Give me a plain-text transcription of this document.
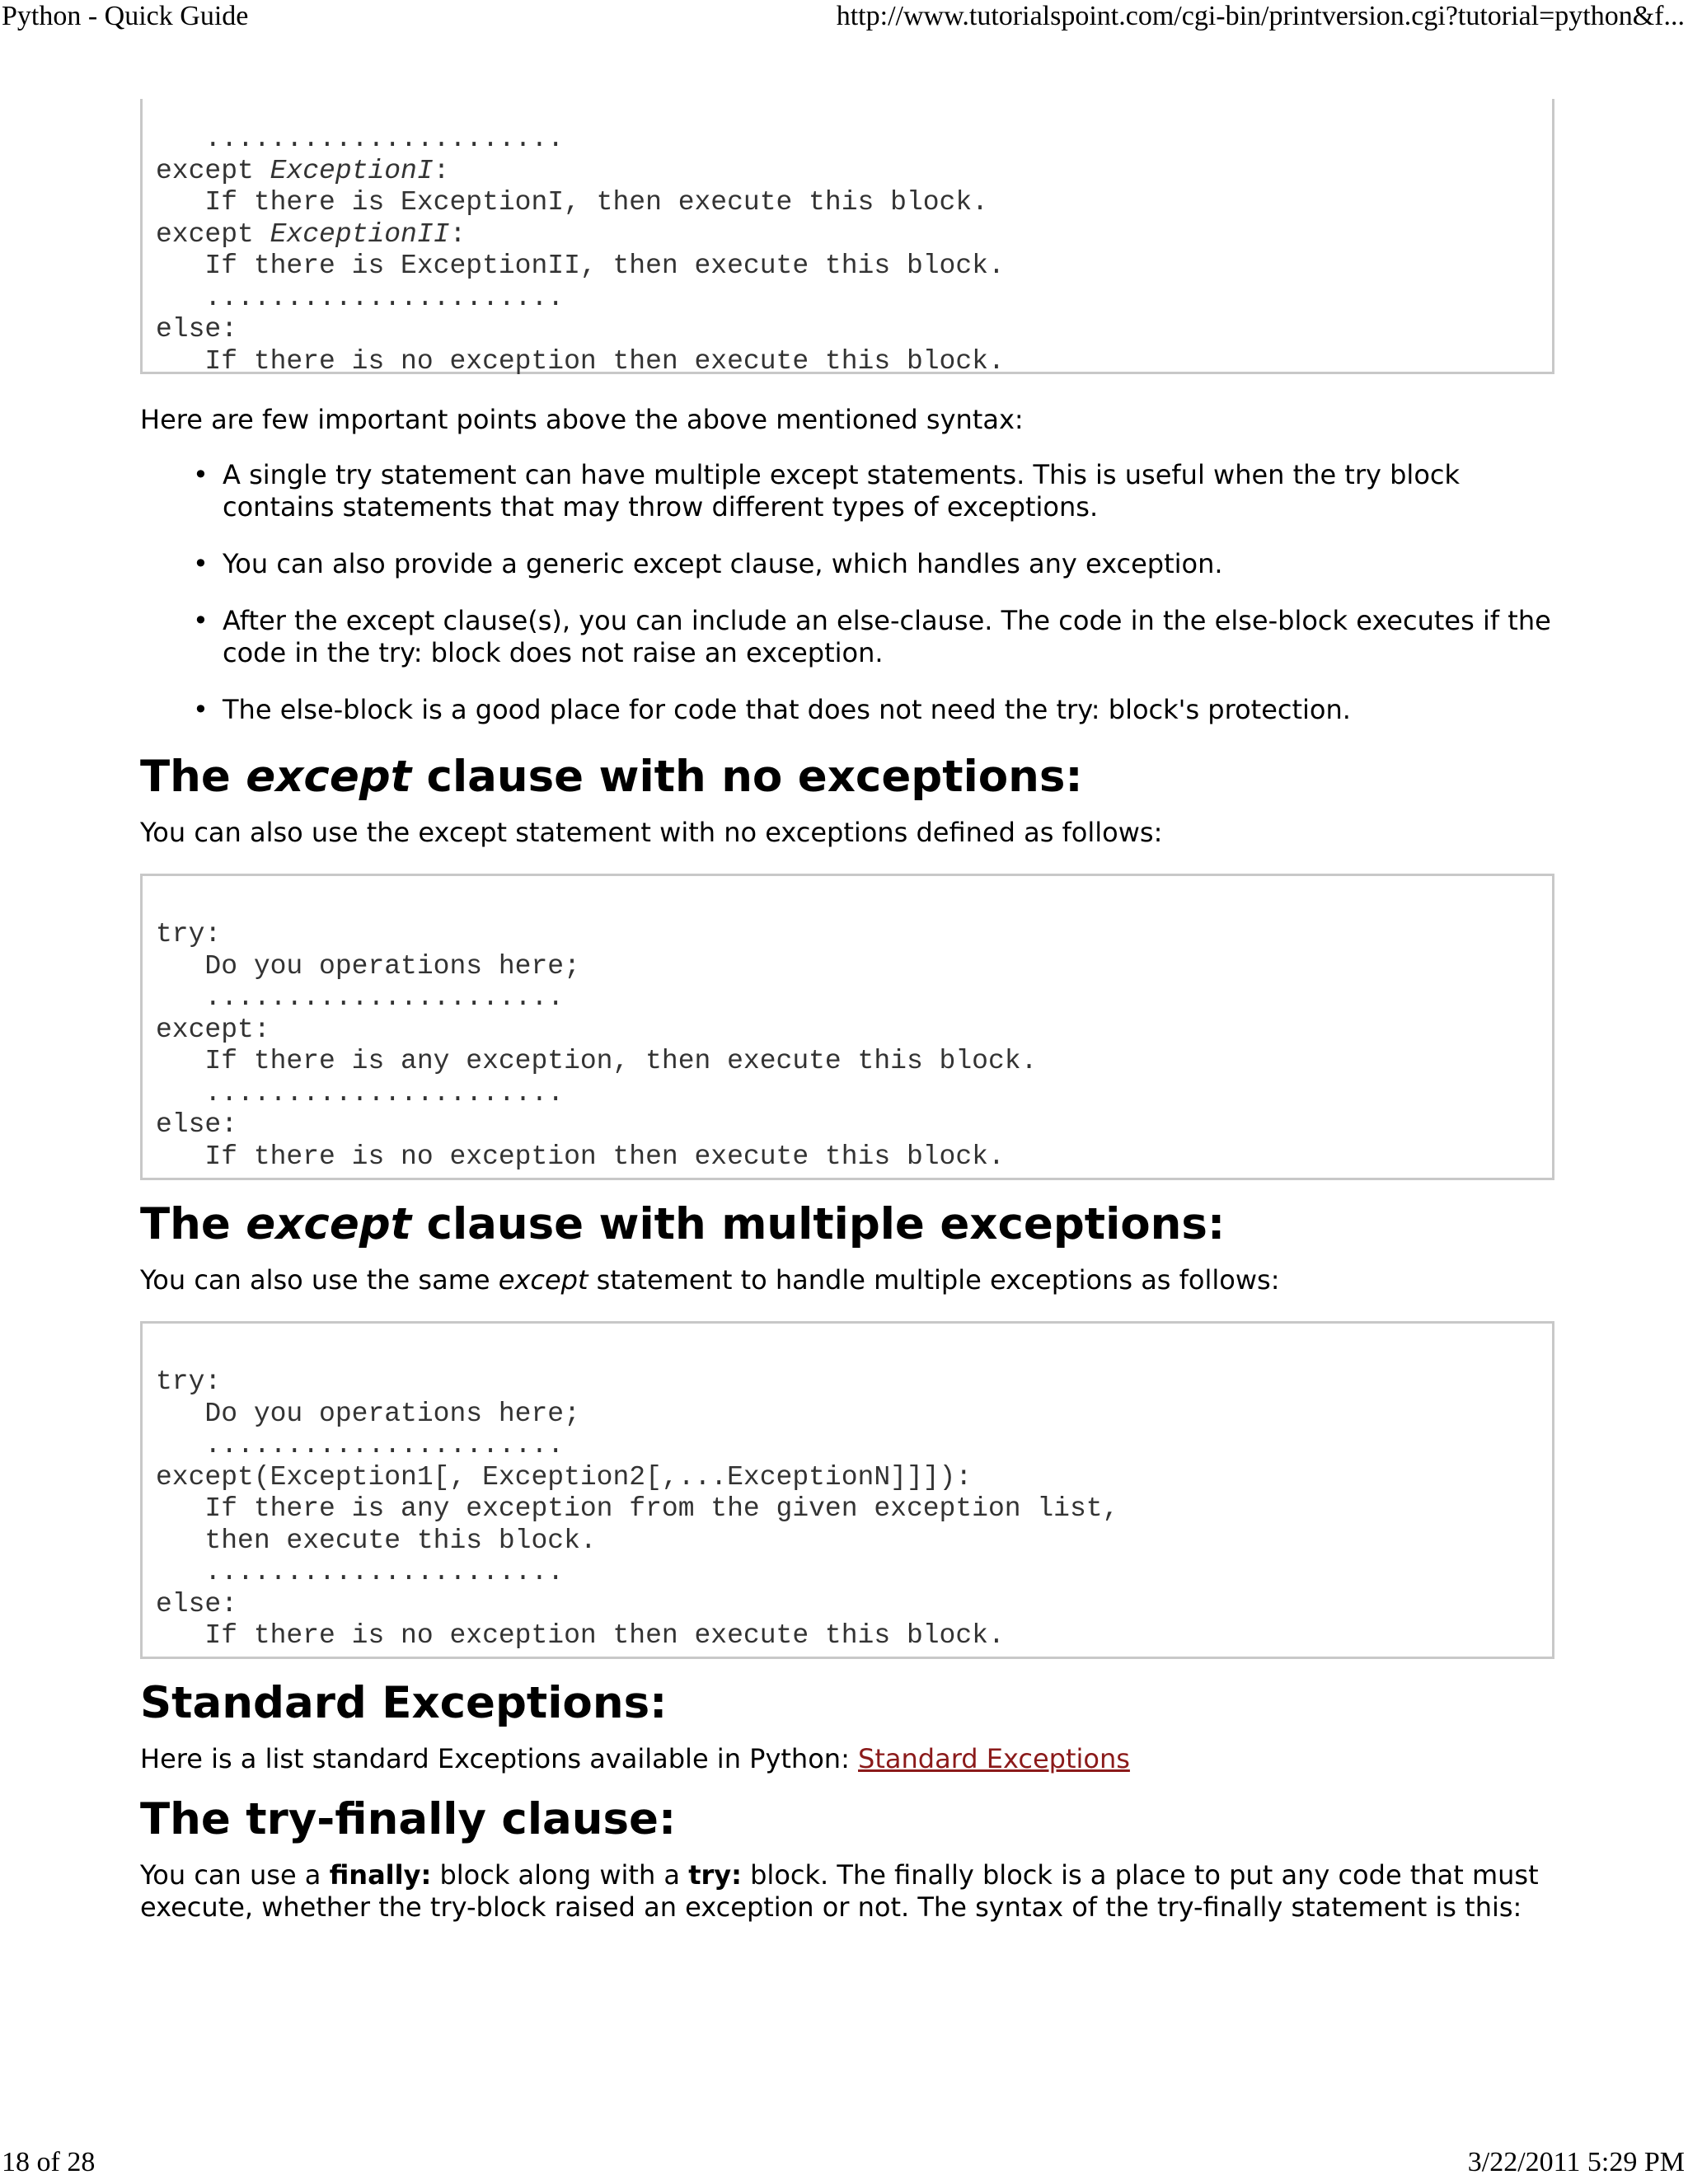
Python - Quick Guide	http://www.tutorialspoint.com/cgi-bin/printversion.cgi?tutorial=python&f...
......................
except ExceptionI:
If there is ExceptionI, then execute this block.
except ExceptionII:
If there is ExceptionII, then execute this block.
......................
else:
If there is no exception then execute this block.

Here are few important points above the above mentioned syntax:

• A single try statement can have multiple except statements. This is useful when the try block contains statements that may throw different types of exceptions.
• You can also provide a generic except clause, which handles any exception.
• After the except clause(s), you can include an else-clause. The code in the else-block executes if the code in the try: block does not raise an exception.
• The else-block is a good place for code that does not need the try: block's protection.
The except clause with no exceptions:

You can also use the except statement with no exceptions defined as follows:

try:
Do you operations here;
......................
except:
If there is any exception, then execute this block.
......................
else:
If there is no exception then execute this block.
The except clause with multiple exceptions:

You can also use the same except statement to handle multiple exceptions as follows:

try:
Do you operations here;
......................
except(Exception1[, Exception2[,...ExceptionN]]]):
If there is any exception from the given exception list,
then execute this block.
......................
else:
If there is no exception then execute this block.
Standard Exceptions:

Here is a list standard Exceptions available in Python: Standard Exceptions

The try-finally clause:

You can use a finally: block along with a try: block. The finally block is a place to put any code that must execute, whether the try-block raised an exception or not. The syntax of the try-finally statement is this:

18 of 28	3/22/2011 5:29 PM
